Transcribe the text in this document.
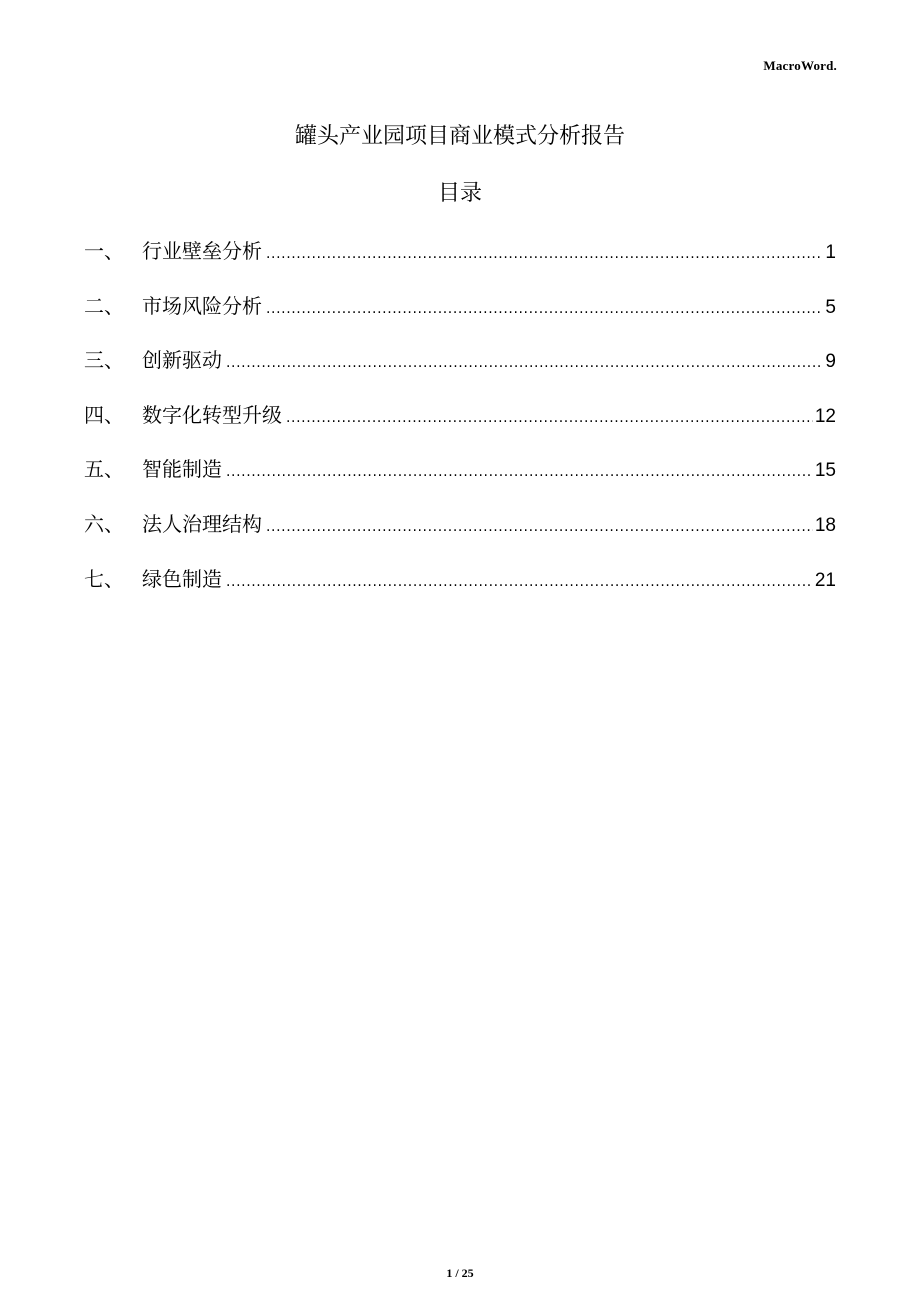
MacroWord.
罐头产业园项目商业模式分析报告
目录
一、 行业壁垒分析 .....	1
二、 市场风险分析 .....	5
三、 创新驱动 .....	9
四、 数字化转型升级 .....	12
五、 智能制造 .....	15
六、 法人治理结构 .....	18
七、 绿色制造 .....	21
1 / 25
